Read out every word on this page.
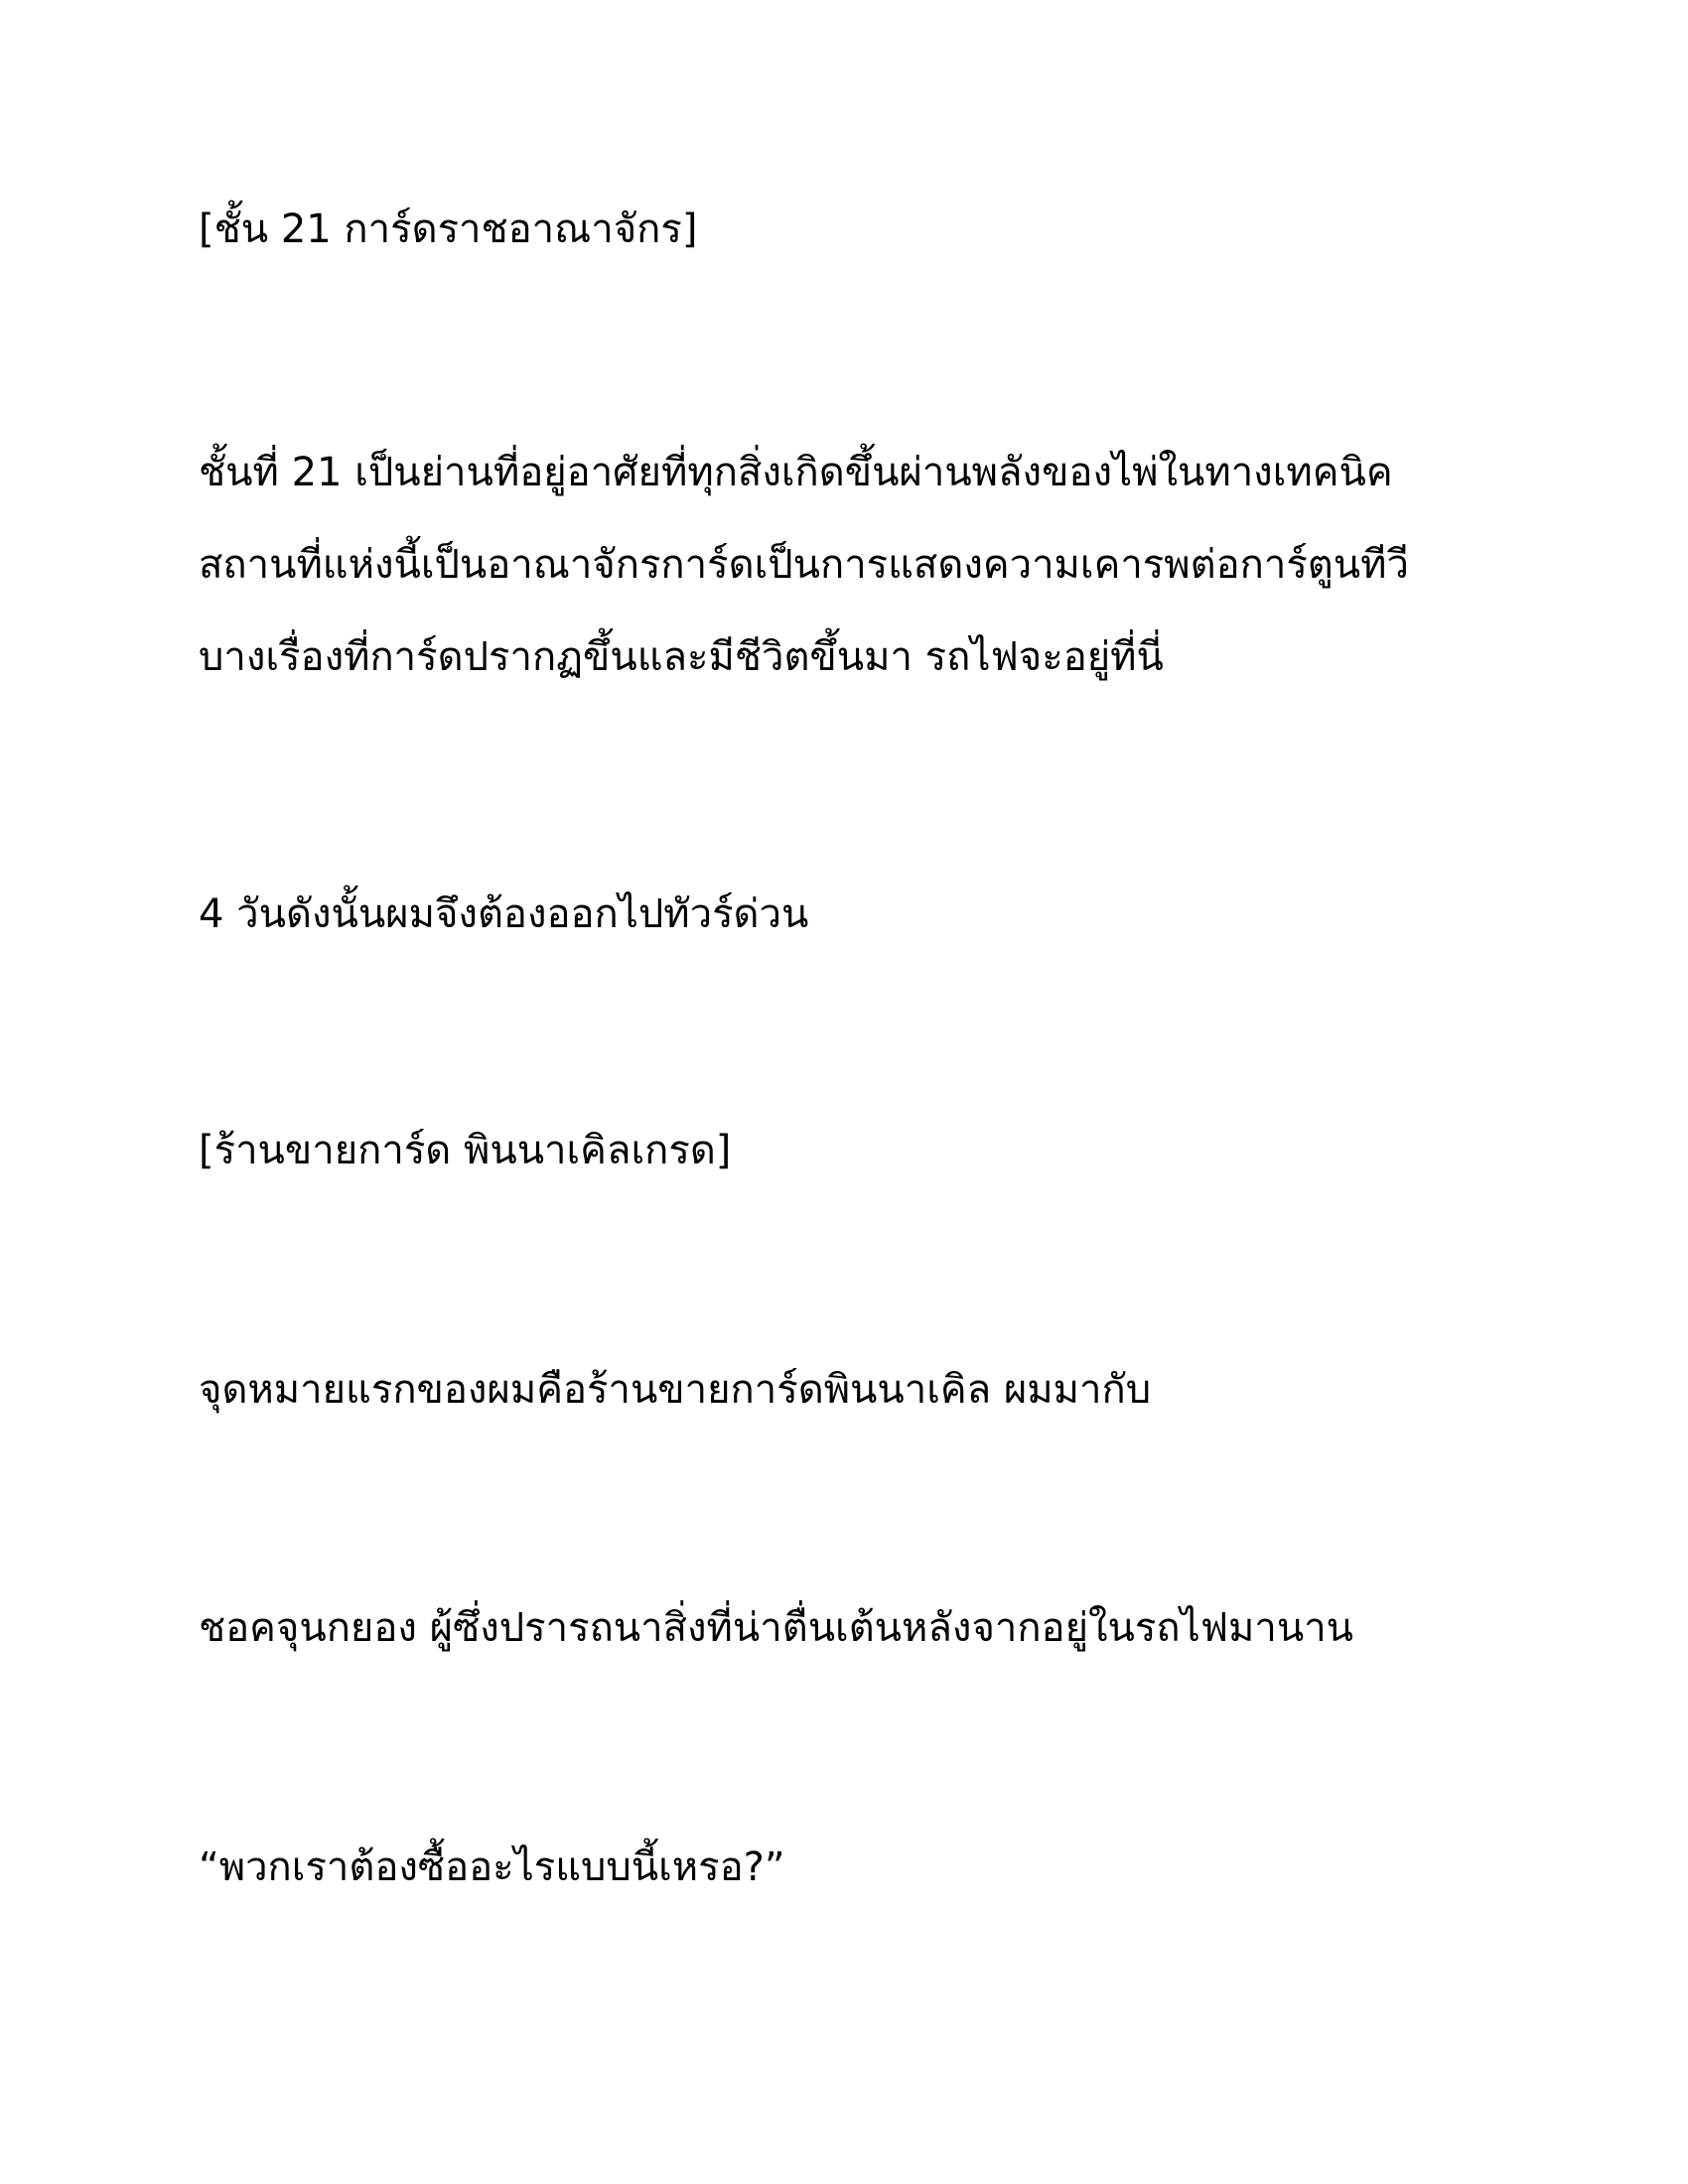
[ชั้น 21 การ์ดราชอาณาจักร]
ชั้นที่ 21 เป็นย่านที่อยู่อาศัยที่ทุกสิ่งเกิดขึ้นผ่านพลังของไพ่ในทางเทคนิค
สถานที่แห่งนี้เป็นอาณาจักรการ์ดเป็นการแสดงความเคารพต่อการ์ตูนทีวี
บางเรื่องที่การ์ดปรากฏขึ้นและมีชีวิตขึ้นมา รถไฟจะอยู่ที่นี่
4 วันดังนั้นผมจึงต้องออกไปทัวร์ด่วน
[ร้านขายการ์ด พินนาเคิลเกรด]
จุดหมายแรกของผมคือร้านขายการ์ดพินนาเคิล ผมมากับ
ชอคจุนกยอง ผู้ซึ่งปรารถนาสิ่งที่น่าตื่นเต้นหลังจากอยู่ในรถไฟมานาน
“พวกเราต้องซื้ออะไรแบบนี้เหรอ?”
